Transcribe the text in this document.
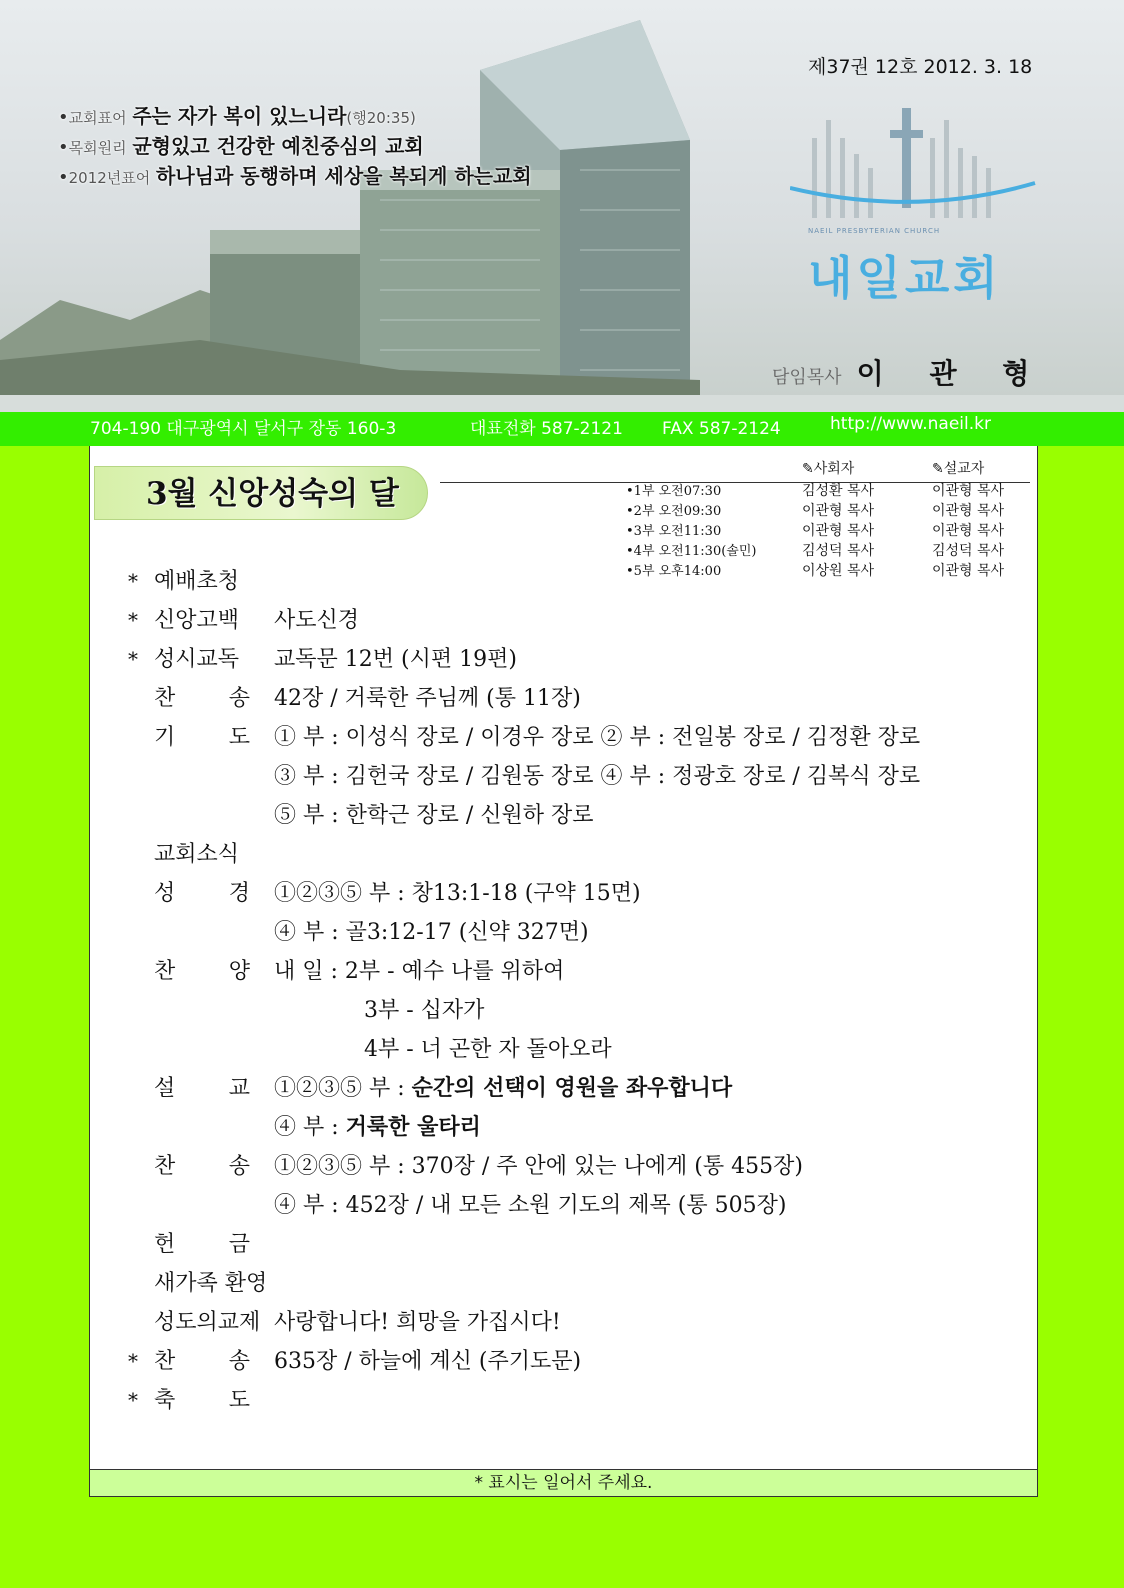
제37권 12호 2012. 3. 18
•교회표어 주는 자가 복이 있느니라(행20:35)
•목회원리 균형있고 건강한 예친중심의 교회
•2012년표어 하나님과 동행하며 세상을 복되게 하는교회
NAEIL PRESBYTERIAN CHURCH
내일교회
담임목사 이 관 형
704-190 대구광역시 달서구 장동 160-3	대표전화 587-2121 FAX 587-2124	http://www.naeil.kr
3월 신앙성숙의 달
✎사회자	✎설교자
•1부 오전07:30	김성환 목사	이관형 목사
•2부 오전09:30	이관형 목사	이관형 목사
•3부 오전11:30	이관형 목사	이관형 목사
•4부 오전11:30(솔민)	김성덕 목사	김성덕 목사
•5부 오후14:00	이상원 목사	이관형 목사
* 예배초청
* 신앙고백 사도신경
* 성시교독 교독문 12번 (시편 19편)
찬 송 42장 / 거룩한 주님께 (통 11장)
기 도 ① 부 : 이성식 장로 / 이경우 장로 ② 부 : 전일봉 장로 / 김정환 장로
③ 부 : 김헌국 장로 / 김원동 장로 ④ 부 : 정광호 장로 / 김복식 장로
⑤ 부 : 한학근 장로 / 신원하 장로
교회소식
성 경 ①②③⑤ 부 : 창13:1-18 (구약 15면)
④ 부 : 골3:12-17 (신약 327면)
찬 양 내 일 : 2부 - 예수 나를 위하여
3부 - 십자가
4부 - 너 곤한 자 돌아오라
설 교 ①②③⑤ 부 : 순간의 선택이 영원을 좌우합니다
④ 부 : 거룩한 울타리
찬 송 ①②③⑤ 부 : 370장 / 주 안에 있는 나에게 (통 455장)
④ 부 : 452장 / 내 모든 소원 기도의 제목 (통 505장)
헌 금
새가족 환영
성도의교제 사랑합니다! 희망을 가집시다!
* 찬 송 635장 / 하늘에 계신 (주기도문)
* 축 도
* 표시는 일어서 주세요.
